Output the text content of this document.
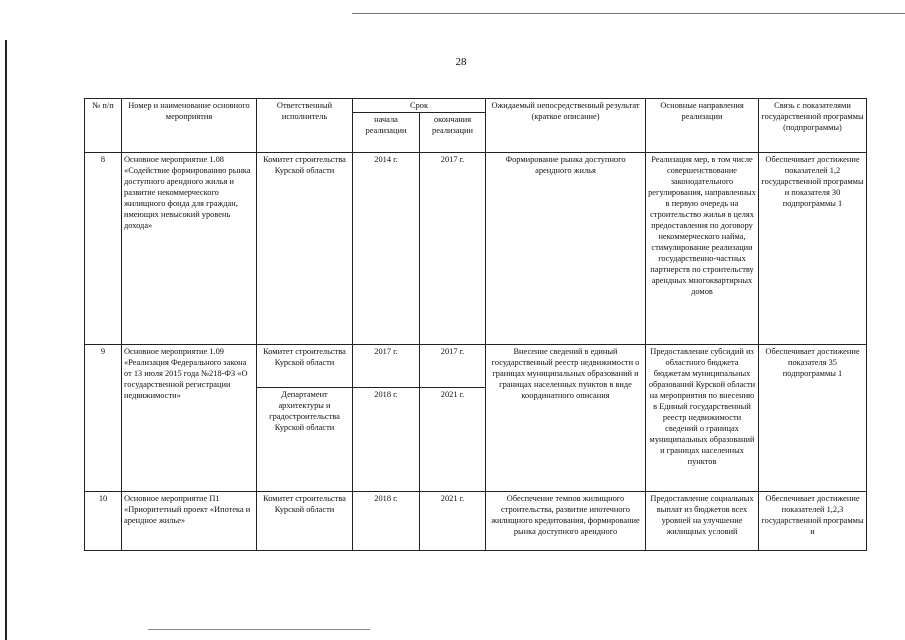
28
№ п/п	Номер и наименование основного мероприятия	Ответственный исполнитель	Срок		Ожидаемый непосредственный результат (краткое описание)	Основные направления реализации	Связь с показателями государственной программы (подпрограммы)
			начала реализации	окончания реализации			
8	Основное мероприятие 1.08 «Содействие формированию рынка доступного арендного жилья и развитие некоммерческого жилищного фонда для граждан, имеющих невысокий уровень дохода»	Комитет строительства Курской области	2014 г.	2017 г.	Формирование рынка доступного арендного жилья	Реализация мер, в том числе совершенствование законодательного регулирования, направленных в первую очередь на строительство жилья в целях предоставления по договору некоммерческого найма, стимулирование реализации государственно-частных партнерств по строительству арендных многоквартирных домов	Обеспечивает достижение показателей 1,2 государственной программы и показателя 30 подпрограммы 1
9	Основное мероприятие 1.09 «Реализация Федерального закона от 13 июля 2015 года №218-ФЗ «О государственной регистрации недвижимости»	Комитет строительства Курской области	2017 г.	2017 г.	Внесение сведений в единый государственный реестр недвижимости о границах муниципальных образований и границах населенных пунктов в виде координатного описания	Предоставление субсидий из областного бюджета бюджетам муниципальных образований Курской области на мероприятия по внесению в Единый государственный реестр недвижимости сведений о границах муниципальных образований и границах населенных пунктов	Обеспечивает достижение показателя 35 подпрограммы 1
		Департамент архитектуры и градостроительства Курской области	2018 г.	2021 г.			
10	Основное мероприятие П1 «Приоритетный проект «Ипотека и арендное жилье»	Комитет строительства Курской области	2018 г.	2021 г.	Обеспечение темпов жилищного строительства, развитие ипотечного жилищного кредитования, формирование рынка доступного арендного	Предоставление социальных выплат из бюджетов всех уровней на улучшение жилищных условий	Обеспечивает достижение показателей 1,2,3 государственной программы и
